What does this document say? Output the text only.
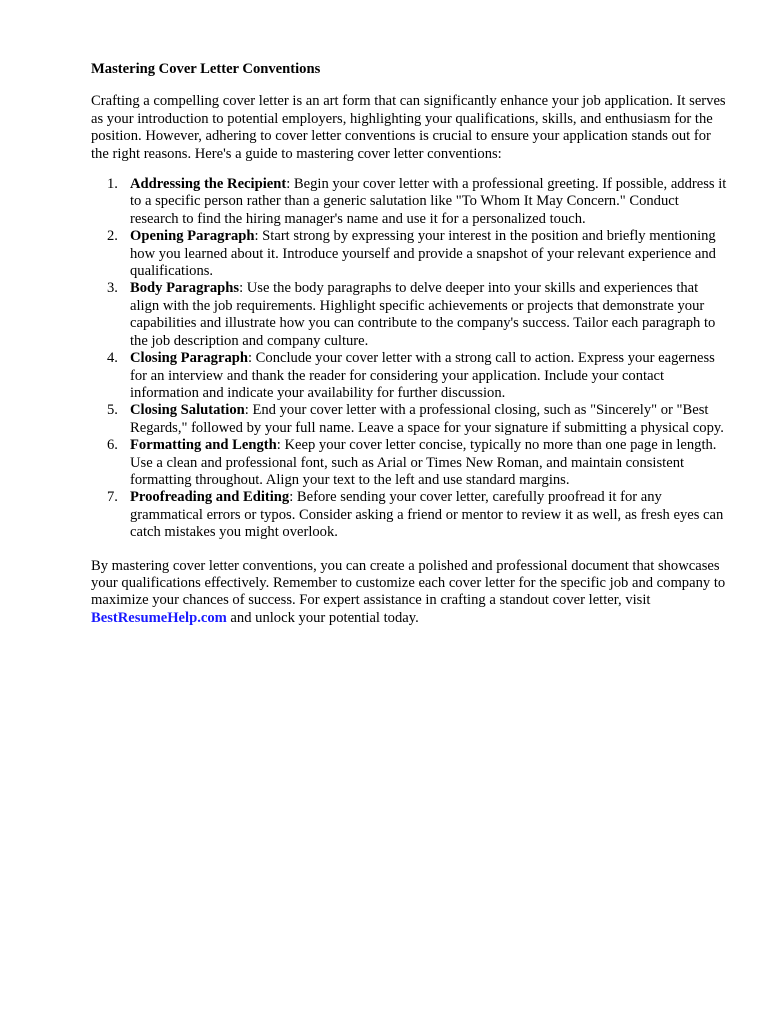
Mastering Cover Letter Conventions

Crafting a compelling cover letter is an art form that can significantly enhance your job application. It serves as your introduction to potential employers, highlighting your qualifications, skills, and enthusiasm for the position. However, adhering to cover letter conventions is crucial to ensure your application stands out for the right reasons. Here's a guide to mastering cover letter conventions:

1. Addressing the Recipient: Begin your cover letter with a professional greeting. If possible, address it to a specific person rather than a generic salutation like "To Whom It May Concern." Conduct research to find the hiring manager's name and use it for a personalized touch.
2. Opening Paragraph: Start strong by expressing your interest in the position and briefly mentioning how you learned about it. Introduce yourself and provide a snapshot of your relevant experience and qualifications.
3. Body Paragraphs: Use the body paragraphs to delve deeper into your skills and experiences that align with the job requirements. Highlight specific achievements or projects that demonstrate your capabilities and illustrate how you can contribute to the company's success. Tailor each paragraph to the job description and company culture.
4. Closing Paragraph: Conclude your cover letter with a strong call to action. Express your eagerness for an interview and thank the reader for considering your application. Include your contact information and indicate your availability for further discussion.
5. Closing Salutation: End your cover letter with a professional closing, such as "Sincerely" or "Best Regards," followed by your full name. Leave a space for your signature if submitting a physical copy.
6. Formatting and Length: Keep your cover letter concise, typically no more than one page in length. Use a clean and professional font, such as Arial or Times New Roman, and maintain consistent formatting throughout. Align your text to the left and use standard margins.
7. Proofreading and Editing: Before sending your cover letter, carefully proofread it for any grammatical errors or typos. Consider asking a friend or mentor to review it as well, as fresh eyes can catch mistakes you might overlook.

By mastering cover letter conventions, you can create a polished and professional document that showcases your qualifications effectively. Remember to customize each cover letter for the specific job and company to maximize your chances of success. For expert assistance in crafting a standout cover letter, visit BestResumeHelp.com and unlock your potential today.
